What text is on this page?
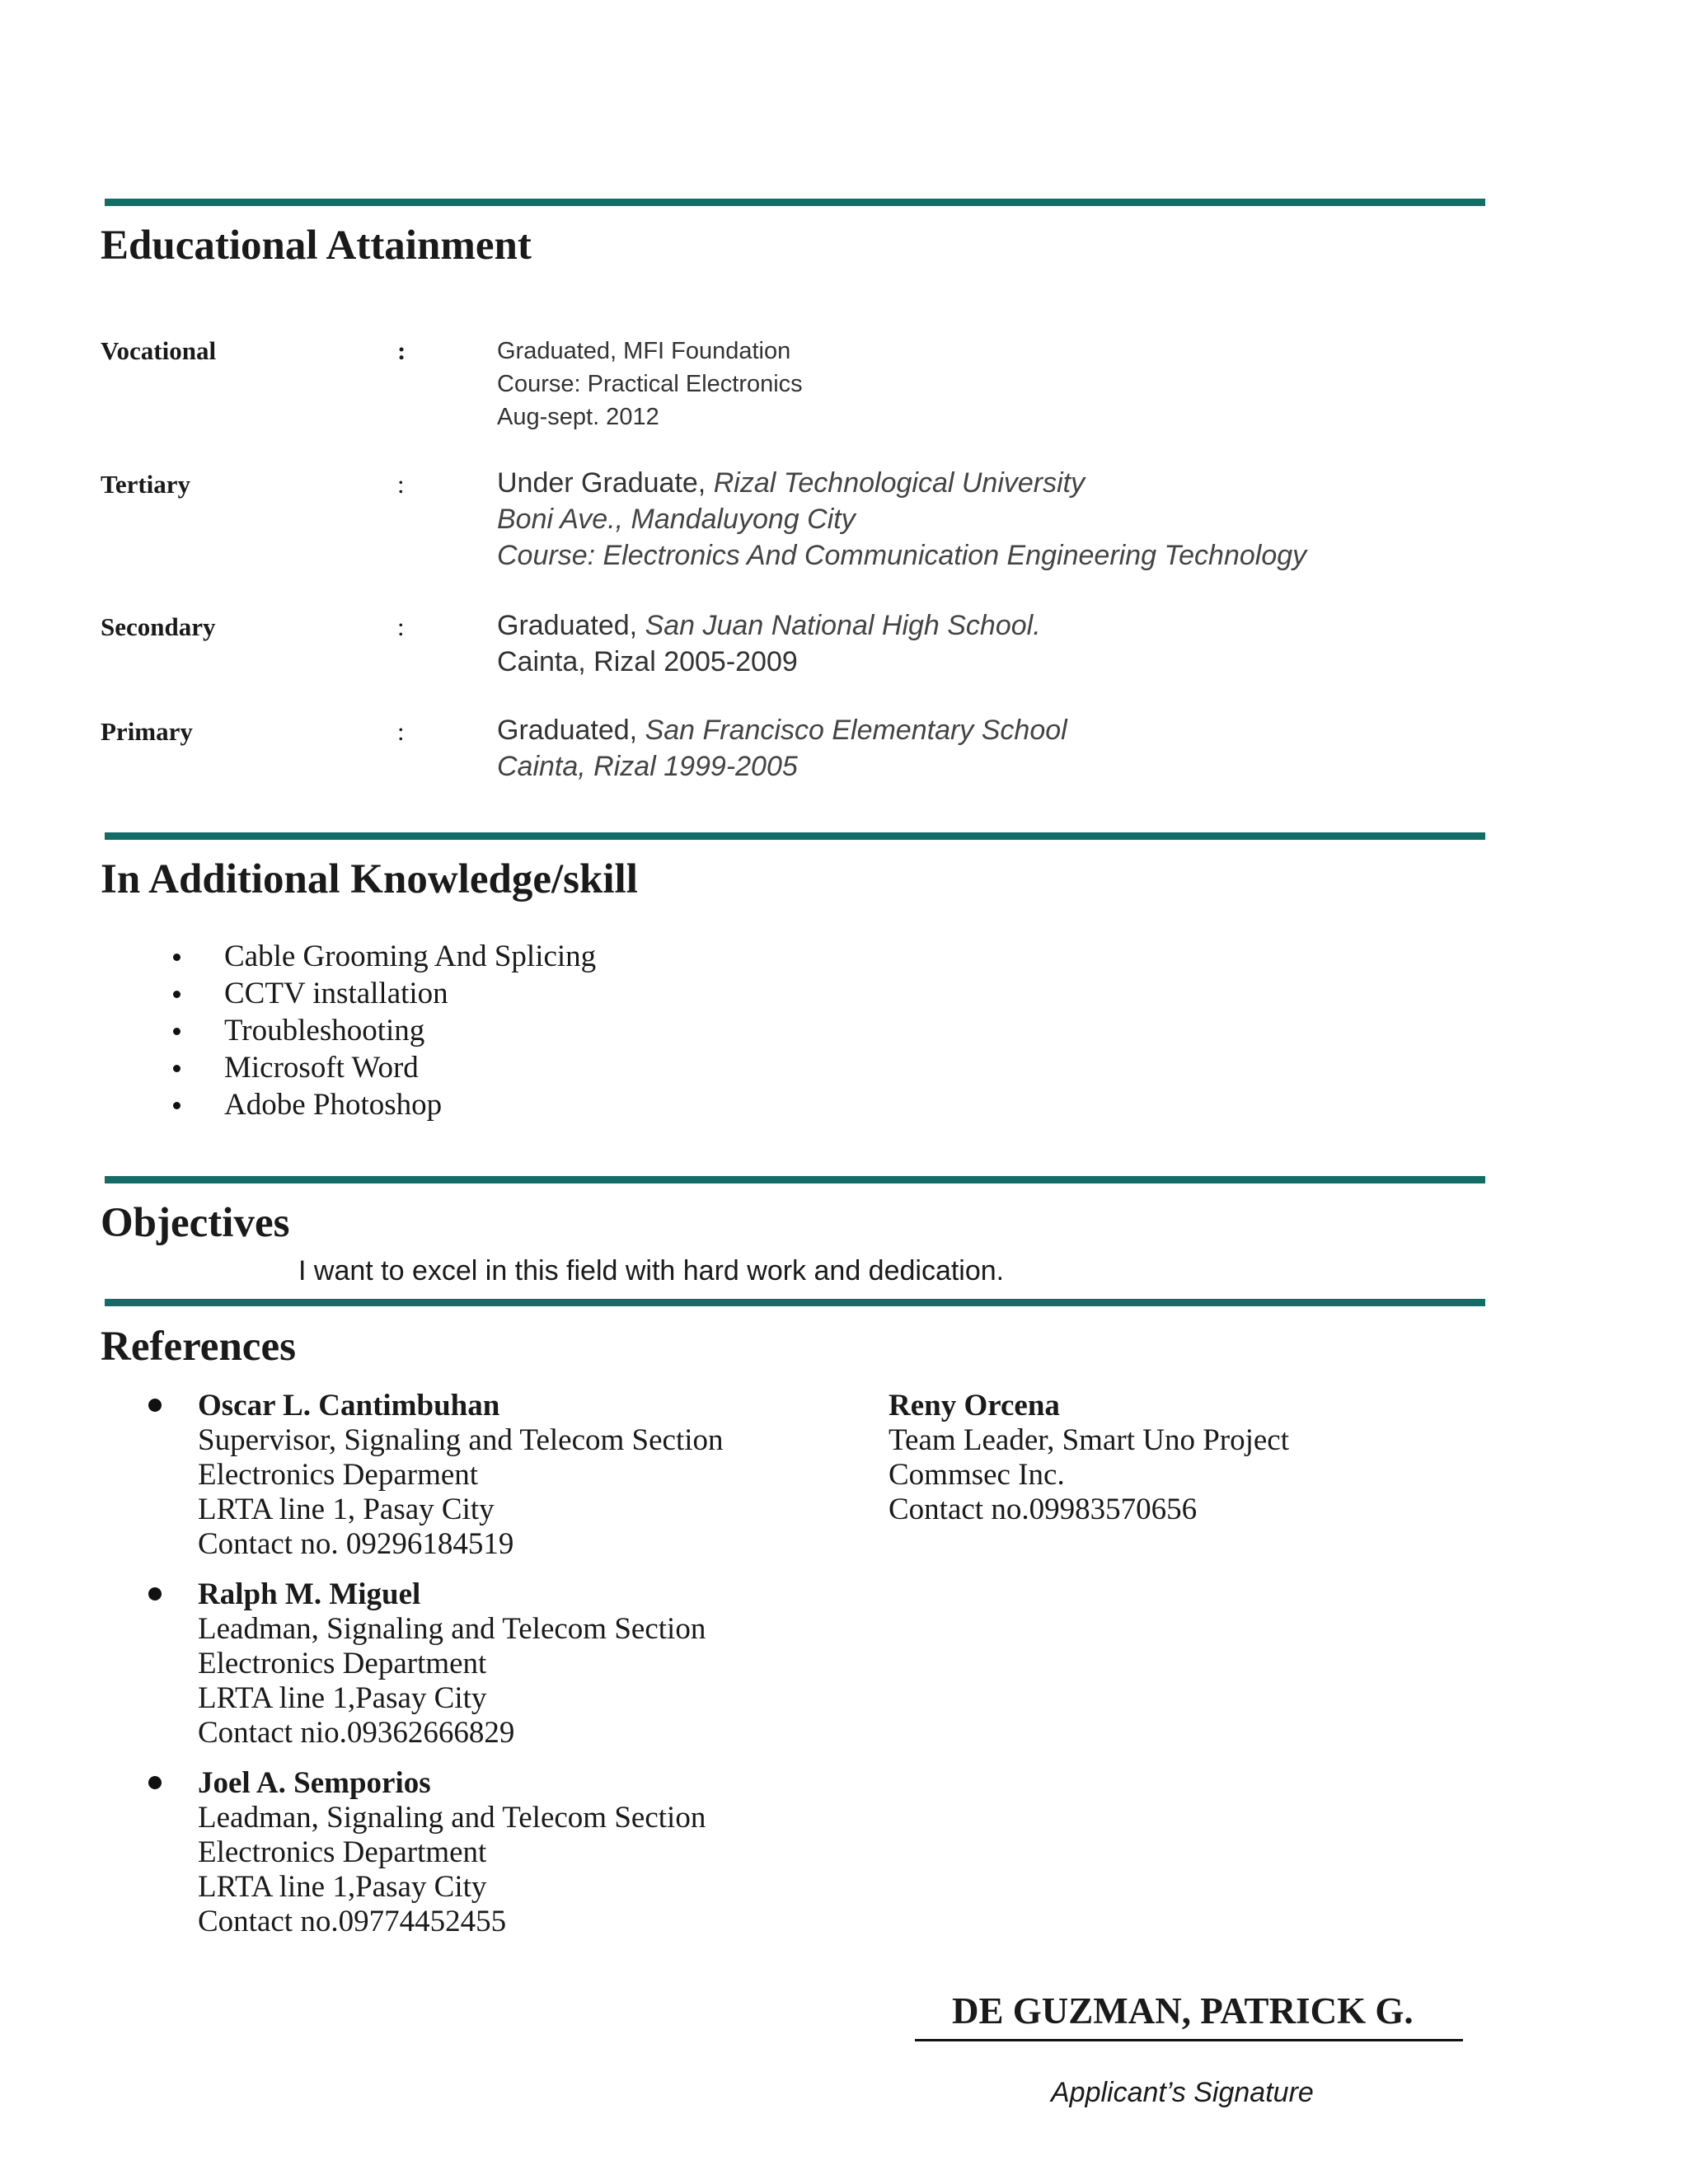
Educational Attainment
Vocational	:	Graduated, MFI Foundation
Course: Practical Electronics
Aug-sept. 2012
Tertiary	:	Under Graduate, Rizal Technological University
Boni Ave., Mandaluyong City
Course: Electronics And Communication Engineering Technology
Secondary	:	Graduated, San Juan National High School.
Cainta, Rizal 2005-2009
Primary	:	Graduated, San Francisco Elementary School
Cainta, Rizal 1999-2005
In Additional Knowledge/skill
Cable Grooming And Splicing
CCTV installation
Troubleshooting
Microsoft Word
Adobe Photoshop
Objectives
I want to excel in this field with hard work and dedication.
References
Oscar L. Cantimbuhan
Supervisor, Signaling and Telecom Section
Electronics Deparment
LRTA line 1, Pasay City
Contact no. 09296184519
Ralph M. Miguel
Leadman, Signaling and Telecom Section
Electronics Department
LRTA line 1,Pasay City
Contact nio.09362666829
Joel A. Semporios
Leadman, Signaling and Telecom Section
Electronics Department
LRTA line 1,Pasay City
Contact no.09774452455
Reny Orcena
Team Leader, Smart Uno Project
Commsec Inc.
Contact no.09983570656
DE GUZMAN, PATRICK G.
Applicant’s Signature
